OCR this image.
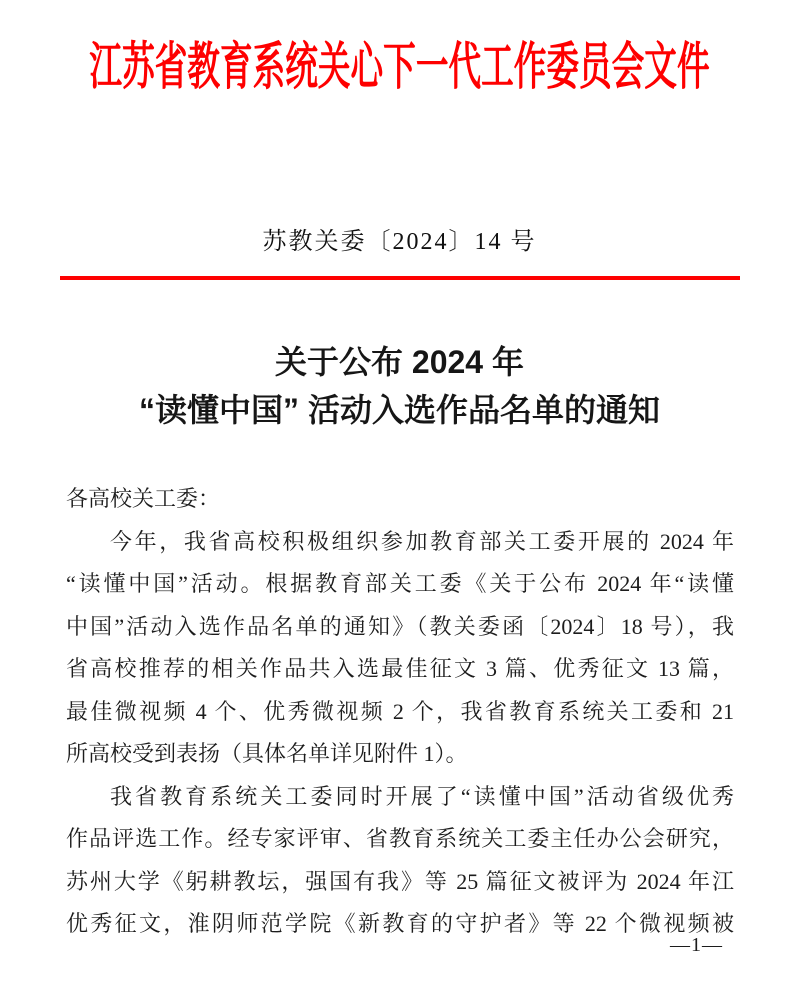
江苏省教育系统关心下一代工作委员会文件
苏教关委〔2024〕14 号
关于公布 2024 年
“读懂中国” 活动入选作品名单的通知
各高校关工委：
今年，我省高校积极组织参加教育部关工委开展的 2024 年
“读懂中国”活动。根据教育部关工委《关于公布 2024 年“读懂
中国”活动入选作品名单的通知》（教关委函〔2024〕18 号），我
省高校推荐的相关作品共入选最佳征文 3 篇、优秀征文 13 篇，
最佳微视频 4 个、优秀微视频 2 个，我省教育系统关工委和 21
所高校受到表扬（具体名单详见附件 1）。
我省教育系统关工委同时开展了“读懂中国”活动省级优秀
作品评选工作。经专家评审、省教育系统关工委主任办公会研究，
苏州大学《躬耕教坛，强国有我》等 25 篇征文被评为 2024 年江
优秀征文，淮阴师范学院《新教育的守护者》等 22 个微视频被
—1—
